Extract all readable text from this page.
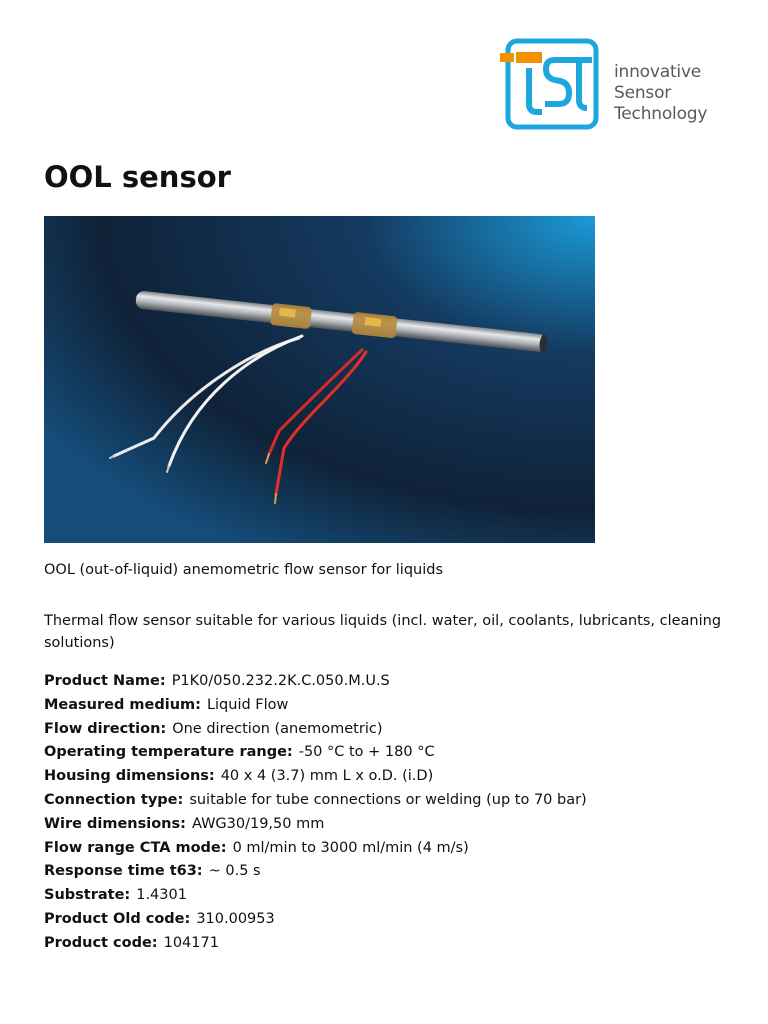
innovative
Sensor
Technology
OOL sensor

OOL (out-of-liquid) anemometric flow sensor for liquids

Thermal flow sensor suitable for various liquids (incl. water, oil, coolants, lubricants, cleaning solutions)

Product Name: P1K0/050.232.2K.C.050.M.U.S
Measured medium: Liquid Flow
Flow direction: One direction (anemometric)
Operating temperature range: -50 °C to + 180 °C
Housing dimensions: 40 x 4 (3.7) mm L x o.D. (i.D)
Connection type: suitable for tube connections or welding (up to 70 bar)
Wire dimensions: AWG30/19,50 mm
Flow range CTA mode: 0 ml/min to 3000 ml/min (4 m/s)
Response time t63: ~ 0.5 s
Substrate: 1.4301
Product Old code: 310.00953
Product code: 104171
